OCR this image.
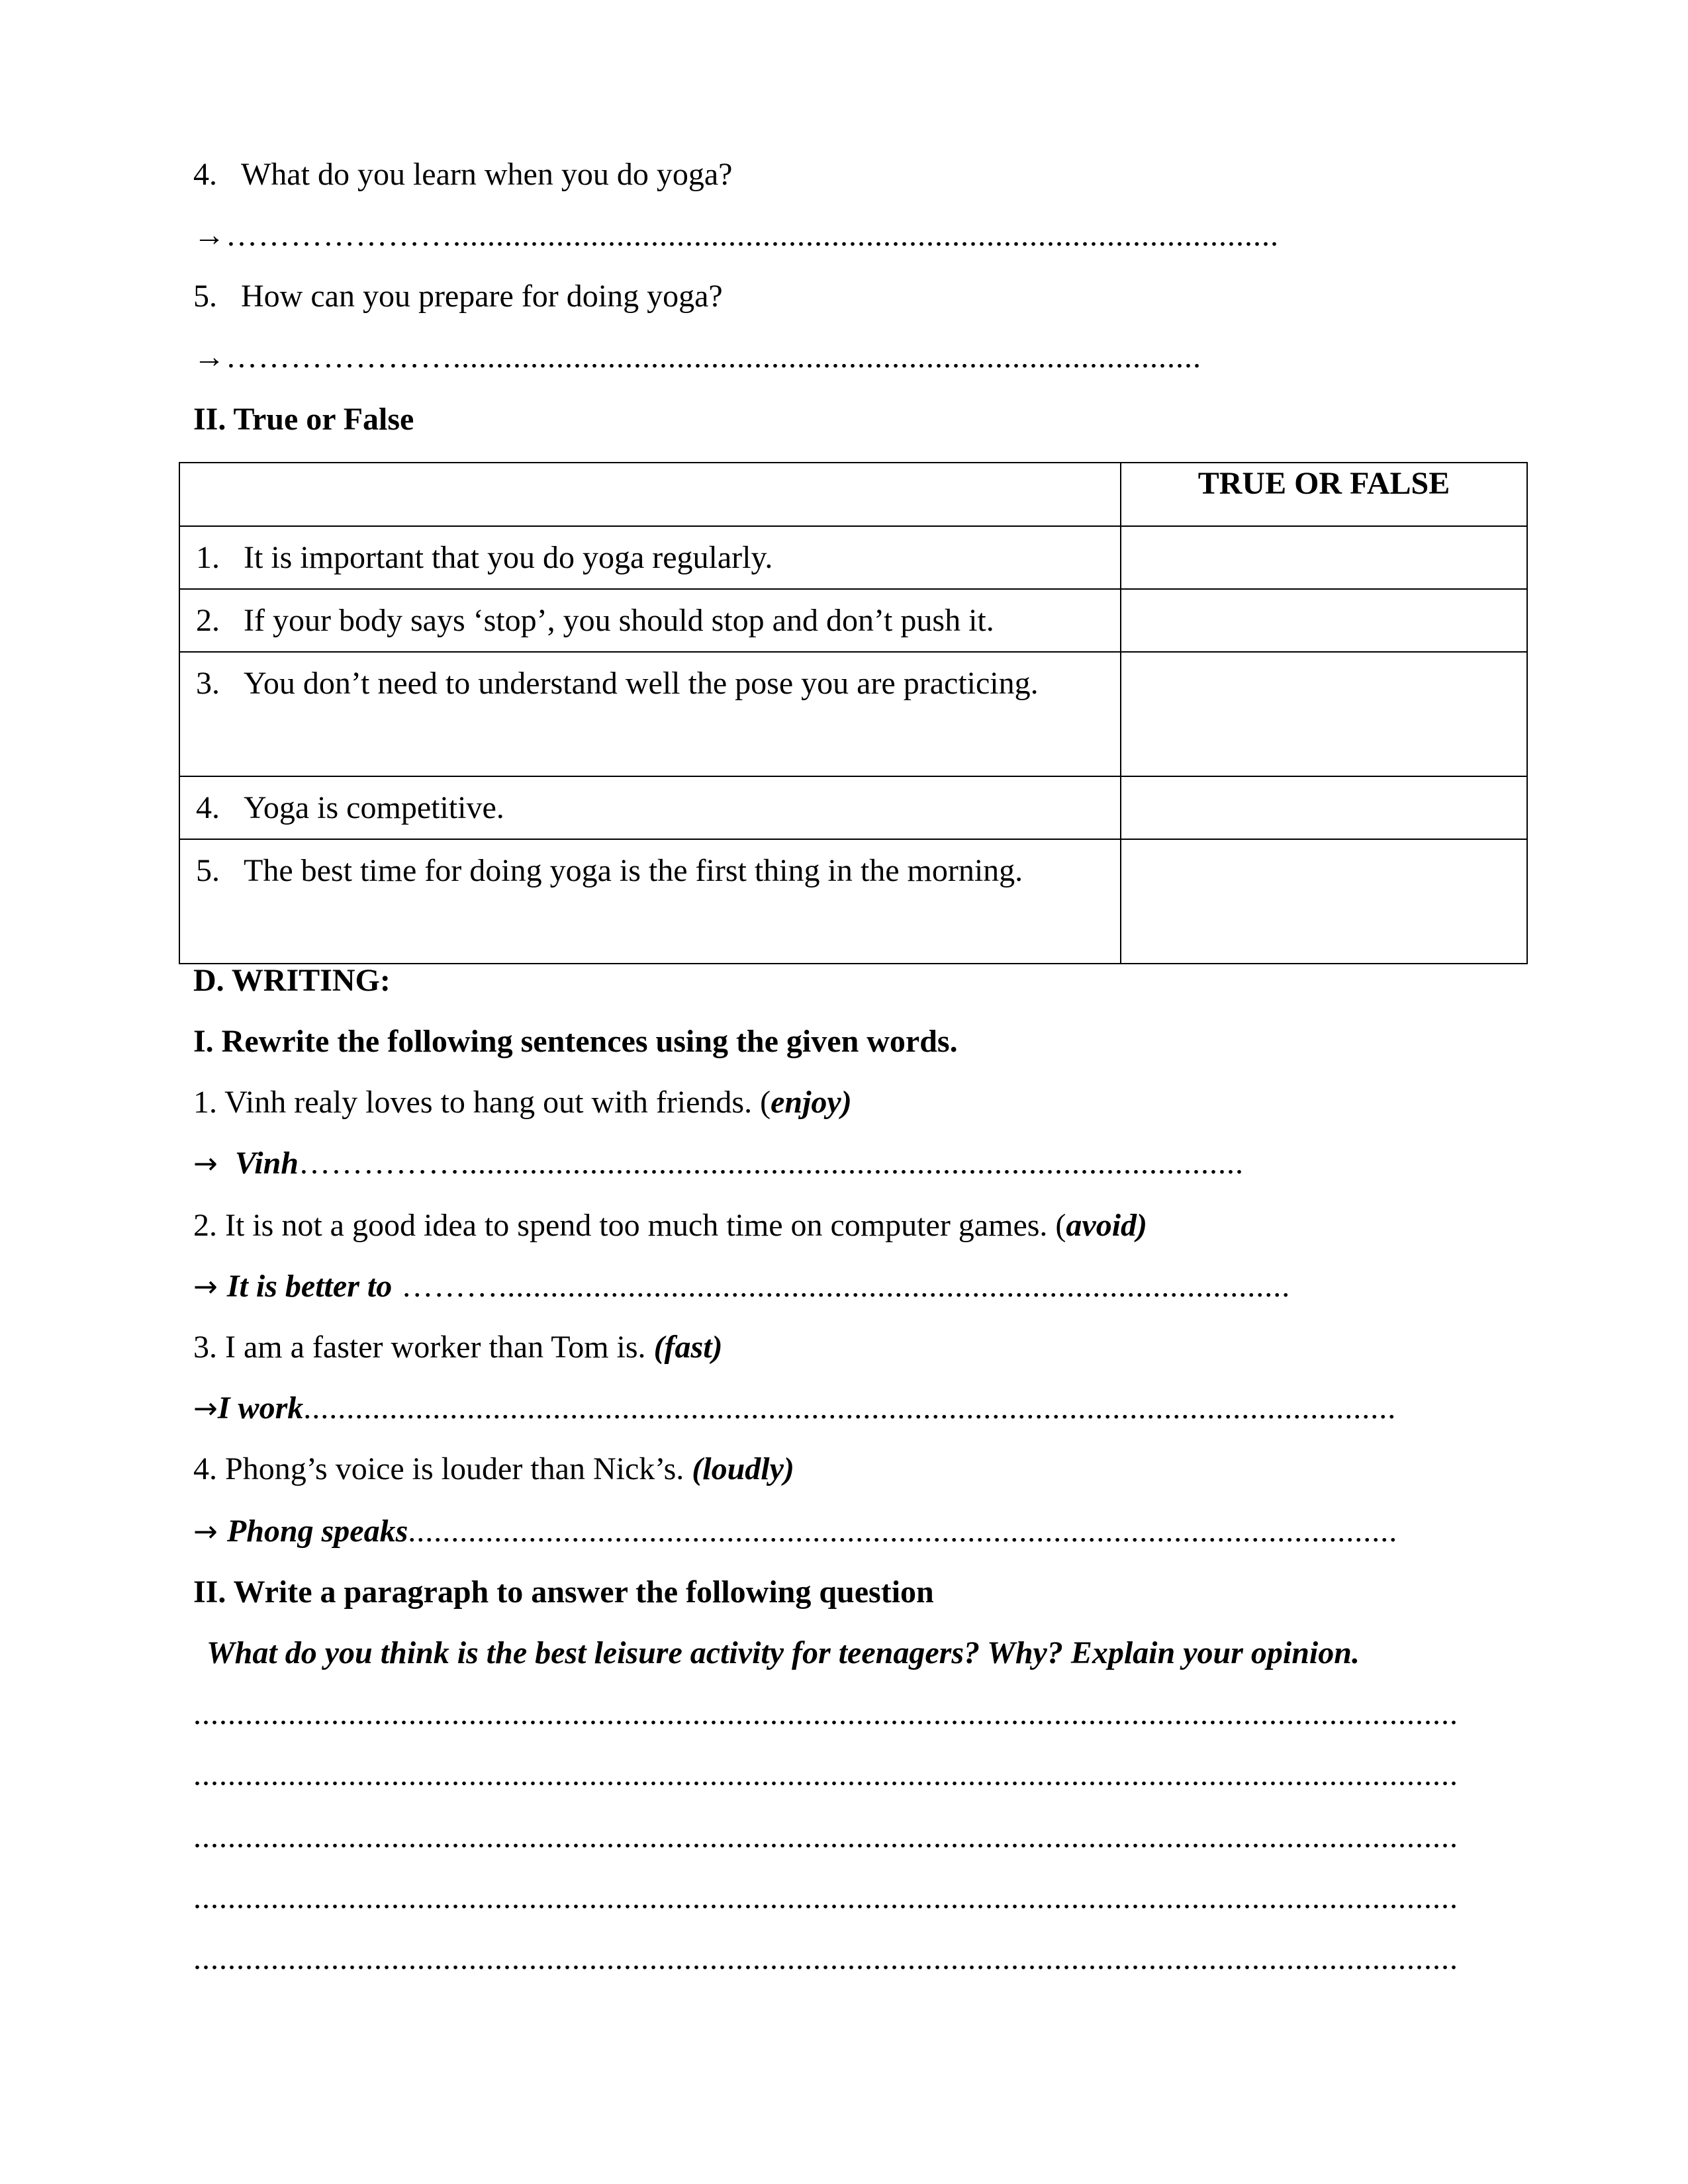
4. What do you learn when you do yoga?
→…………………................................................................................................
5. How can you prepare for doing yoga?
→………………….......................................................................................
II. True or False

	TRUE OR FALSE

1. It is important that you do yoga regularly.	

2. If your body says ‘stop’, you should stop and don’t push it.	

3. You don’t need to understand well the pose you are practicing.	

4. Yoga is competitive.	

5. The best time for doing yoga is the first thing in the morning.	

D. WRITING:
I. Rewrite the following sentences using the given words.
1. Vinh realy loves to hang out with friends. (enjoy)
→ Vinh……………...........................................................................................
2. It is not a good idea to spend too much time on computer games. (avoid)
→ It is better to ………............................................................................................
3. I am a faster worker than Tom is. (fast)
→I work...............................................................................................................................
4. Phong’s voice is louder than Nick’s. (loudly)
→ Phong speaks...................................................................................................................
II. Write a paragraph to answer the following question
What do you think is the best leisure activity for teenagers? Why? Explain your opinion.
...................................................................................................................................................
...................................................................................................................................................
...................................................................................................................................................
...................................................................................................................................................
...................................................................................................................................................
